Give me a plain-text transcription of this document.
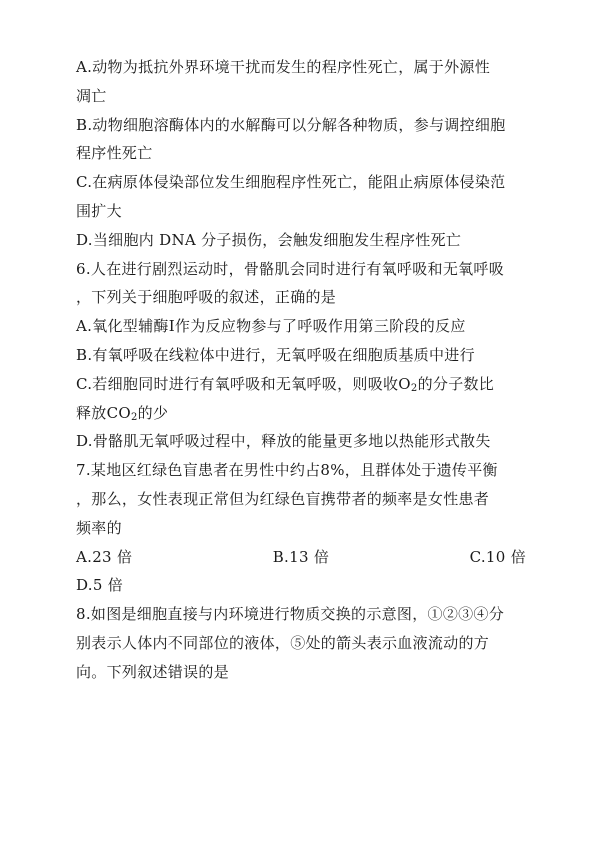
A.动物为抵抗外界环境干扰而发生的程序性死亡，属于外源性
凋亡
B.动物细胞溶酶体内的水解酶可以分解各种物质，参与调控细胞
程序性死亡
C.在病原体侵染部位发生细胞程序性死亡，能阻止病原体侵染范
围扩大
D.当细胞内 DNA 分子损伤，会触发细胞发生程序性死亡
6.人在进行剧烈运动时，骨骼肌会同时进行有氧呼吸和无氧呼吸
，下列关于细胞呼吸的叙述，正确的是
A.氧化型辅酶Ⅰ作为反应物参与了呼吸作用第三阶段的反应
B.有氧呼吸在线粒体中进行，无氧呼吸在细胞质基质中进行
C.若细胞同时进行有氧呼吸和无氧呼吸，则吸收$O_2$的分子数比
释放$CO_2$的少
D.骨骼肌无氧呼吸过程中，释放的能量更多地以热能形式散失
7.某地区红绿色盲患者在男性中约占8%，且群体处于遗传平衡
，那么，女性表现正常但为红绿色盲携带者的频率是女性患者
频率的
A.23 倍	B.13 倍	C.10 倍
D.5 倍
8.如图是细胞直接与内环境进行物质交换的示意图，①②③④分
别表示人体内不同部位的液体，⑤处的箭头表示血液流动的方
向。下列叙述错误的是
